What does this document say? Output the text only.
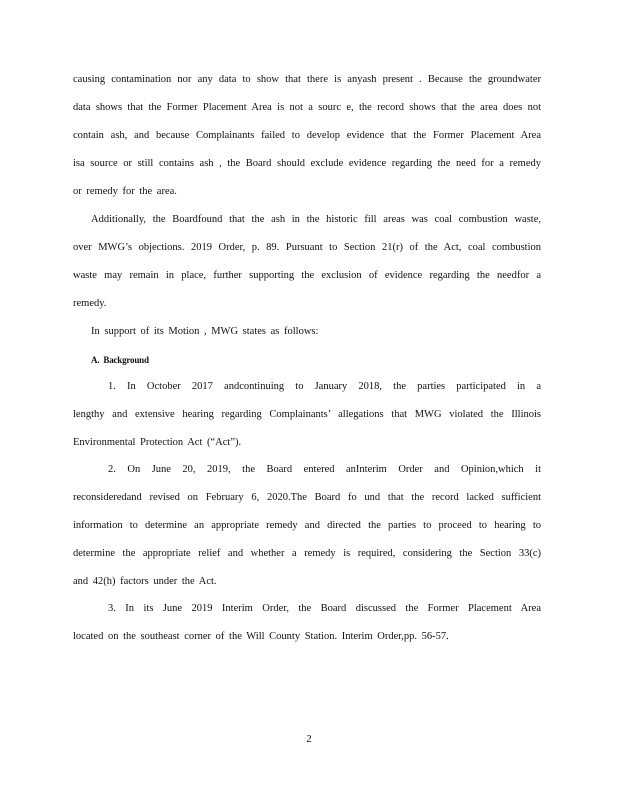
causing contamination nor any data to show that there is anyash present . Because the groundwater
data shows that the Former Placement Area is not a sourc e, the record shows that the area does not
contain ash, and because Complainants failed to develop evidence that the Former Placement Area
isa source or still contains ash , the Board should exclude evidence regarding the need for a remedy
or remedy for the area.
Additionally, the Boardfound that the ash in the historic fill areas was coal combustion waste,
over MWG’s objections. 2019 Order, p. 89. Pursuant to Section 21(r) of the Act, coal combustion
waste may remain in place, further supporting the exclusion of evidence regarding the needfor a
remedy.
In support of its Motion , MWG states as follows:
A. Background
1. In October 2017 andcontinuing to January 2018, the parties participated in a
lengthy and extensive hearing regarding Complainants’ allegations that MWG violated the Illinois
Environmental Protection Act (“Act”).
2. On June 20, 2019, the Board entered anInterim Order and Opinion,which it
reconsideredand revised on February 6, 2020.The Board fo und that the record lacked sufficient
information to determine an appropriate remedy and directed the parties to proceed to hearing to
determine the appropriate relief and whether a remedy is required, considering the Section 33(c)
and 42(h) factors under the Act.
3. In its June 2019 Interim Order, the Board discussed the Former Placement Area
located on the southeast corner of the Will County Station. Interim Order,pp. 56-57.
2
